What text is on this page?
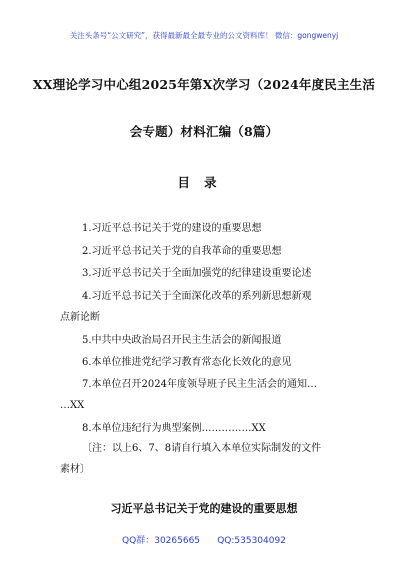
关注头条号“公文研究”，获得最新最全最专业的公文资料库！ 微信：gongwenyj
XX理论学习中心组2025年第X次学习（2024年度民主生活
会专题）材料汇编（8篇）
目录
1.习近平总书记关于党的建设的重要思想
2.习近平总书记关于党的自我革命的重要思想
3.习近平总书记关于全面加强党的纪律建设重要论述
4.习近平总书记关于全面深化改革的系列新思想新观
点新论断
5.中共中央政治局召开民主生活会的新闻报道
6.本单位推进党纪学习教育常态化长效化的意见
7.本单位召开2024年度领导班子民主生活会的通知…
…XX
8.本单位违纪行为典型案例……………XX
〔注：以上6、7、8请自行填入本单位实际制发的文件
素材〕
习近平总书记关于党的建设的重要思想
QQ群：30265665      QQ:535304092
